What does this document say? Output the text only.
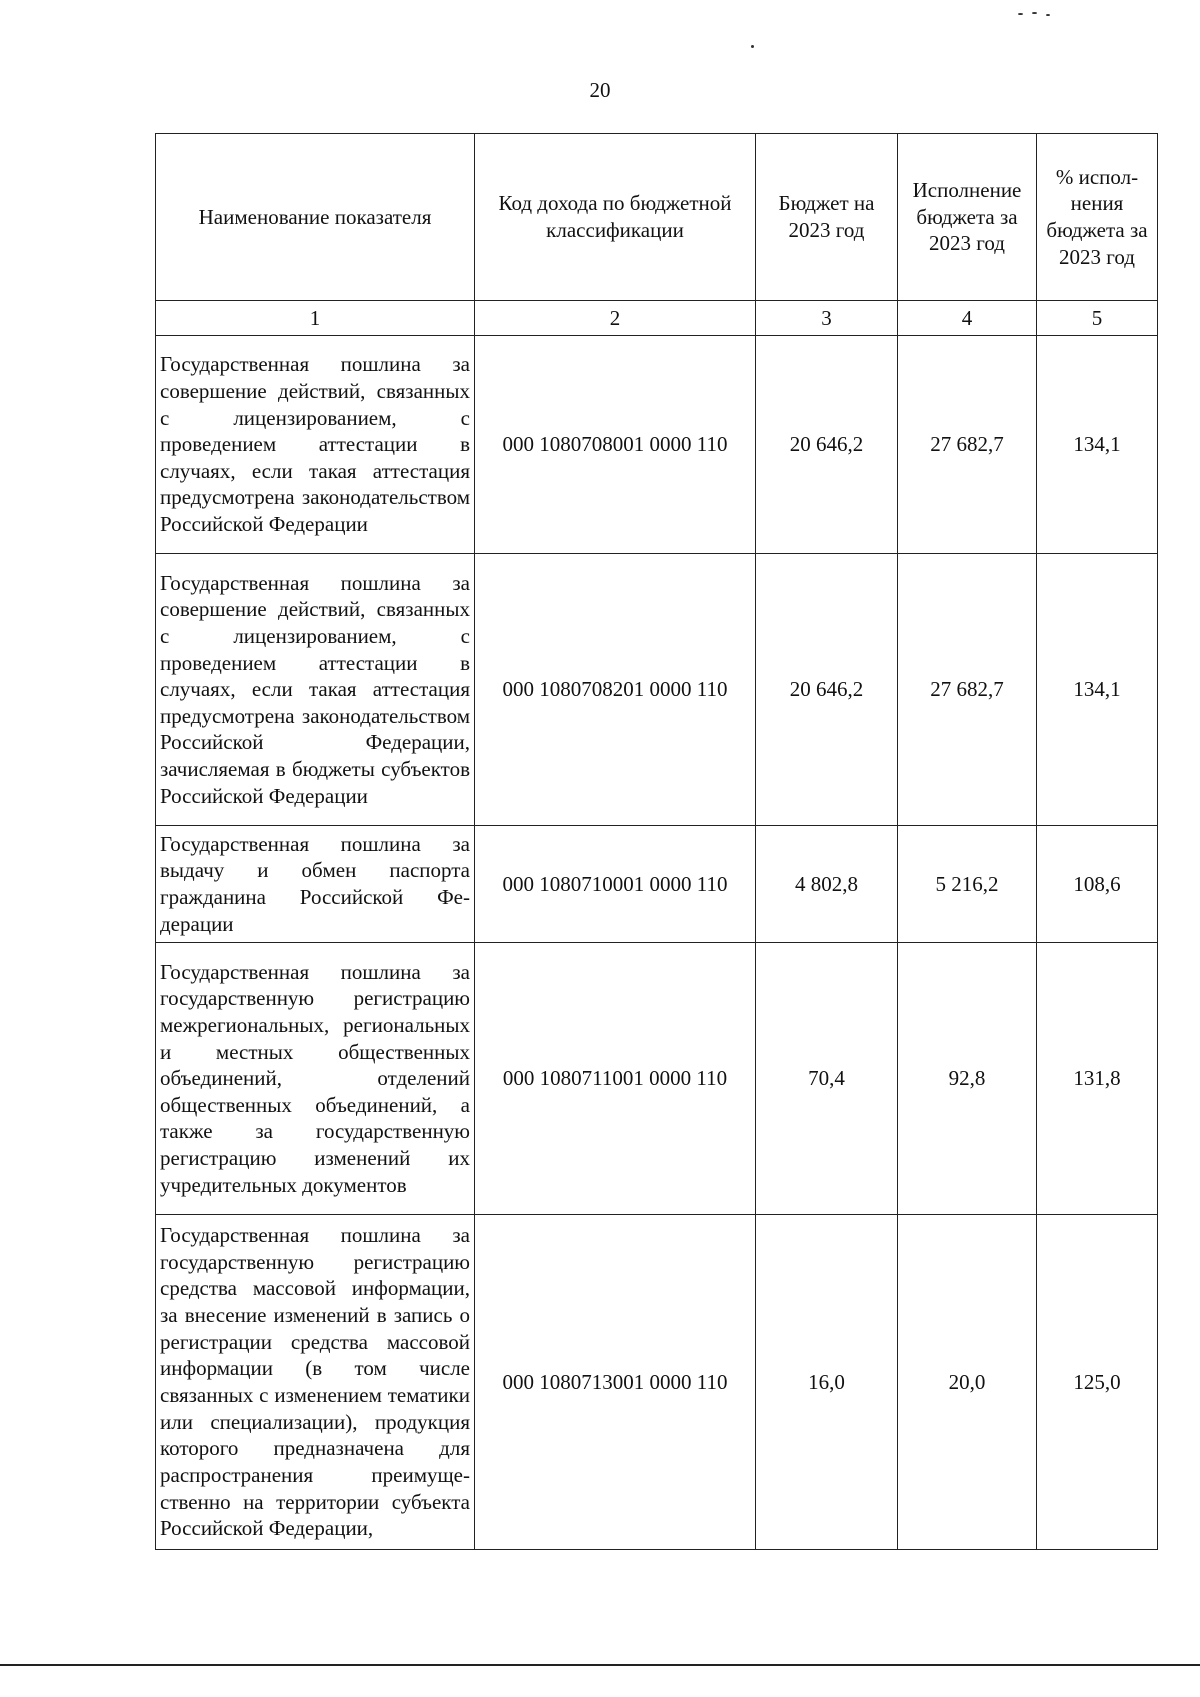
20
Наименование показателя	Код дохода по бюджетной классификации	Бюджет на 2023 год	Исполнение бюджета за 2023 год	% исполнения бюджета за 2023 год
1	2	3	4	5
Государственная пошлина за совершение действий, связанных с лицензированием, с проведением аттестации в случаях, если такая аттестация предусмотрена законодательством Российской Федерации	000 1080708001 0000 110	20 646,2	27 682,7	134,1
Государственная пошлина за совершение действий, связанных с лицензированием, с проведением аттестации в случаях, если такая аттестация предусмотрена законодательством Российской Федерации, зачисляемая в бюджеты субъектов Российской Федерации	000 1080708201 0000 110	20 646,2	27 682,7	134,1
Государственная пошлина за выдачу и обмен паспорта гражданина Российской Федерации	000 1080710001 0000 110	4 802,8	5 216,2	108,6
Государственная пошлина за государственную регистрацию межрегиональных, региональных и местных общественных объединений, отделений общественных объединений, а также за государственную регистрацию изменений их учредительных документов	000 1080711001 0000 110	70,4	92,8	131,8
Государственная пошлина за государственную регистрацию средства массовой информации, за внесение изменений в запись о регистрации средства массовой информации (в том числе связанных с изменением тематики или специализации), продукция которого предназначена для распространения преимущественно на территории субъекта Российской Федерации,	000 1080713001 0000 110	16,0	20,0	125,0
